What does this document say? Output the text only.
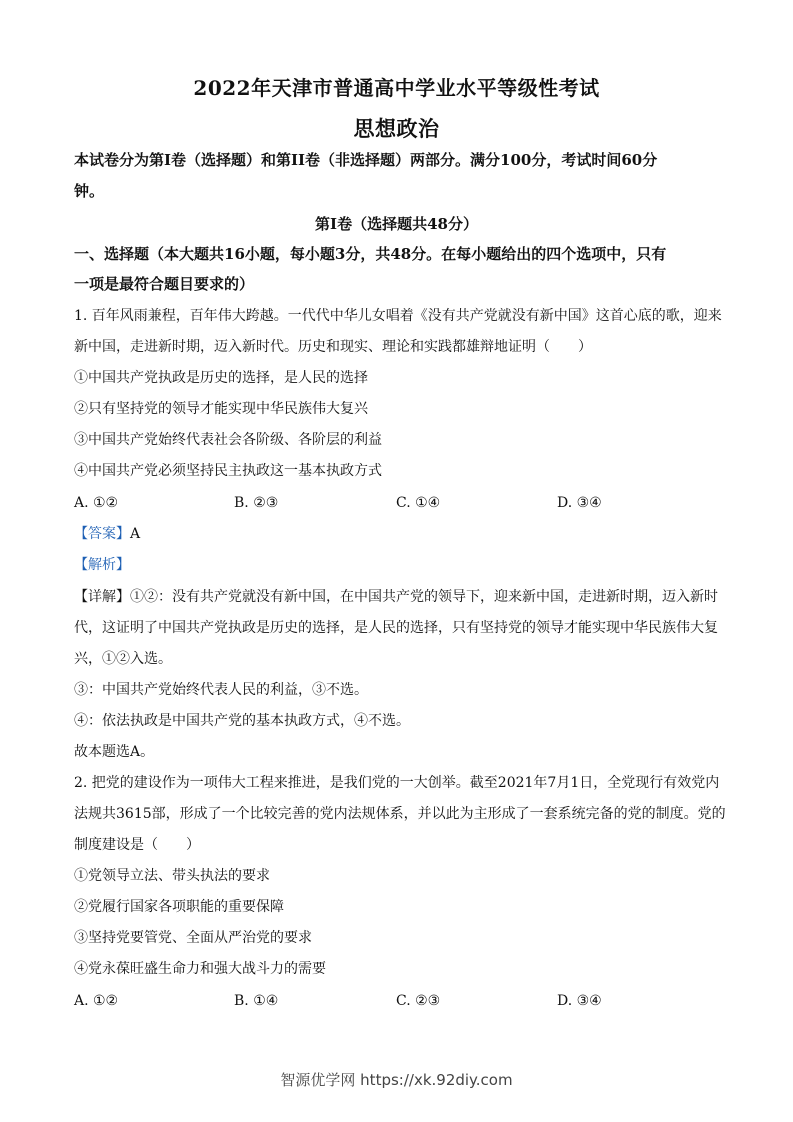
2022年天津市普通高中学业水平等级性考试
思想政治
本试卷分为第I卷（选择题）和第II卷（非选择题）两部分。满分100分，考试时间60分
钟。
第I卷（选择题共48分）
一、选择题（本大题共16小题，每小题3分，共48分。在每小题给出的四个选项中，只有
一项是最符合题目要求的）
1. 百年风雨兼程，百年伟大跨越。一代代中华儿女唱着《没有共产党就没有新中国》这首心底的歌，迎来
新中国，走进新时期，迈入新时代。历史和现实、理论和实践都雄辩地证明（　　）
①中国共产党执政是历史的选择，是人民的选择
②只有坚持党的领导才能实现中华民族伟大复兴
③中国共产党始终代表社会各阶级、各阶层的利益
④中国共产党必须坚持民主执政这一基本执政方式
A. ①②	B. ②③	C. ①④	D. ③④
【答案】A
【解析】
【详解】①②：没有共产党就没有新中国，在中国共产党的领导下，迎来新中国，走进新时期，迈入新时
代，这证明了中国共产党执政是历史的选择，是人民的选择，只有坚持党的领导才能实现中华民族伟大复
兴，①②入选。
③：中国共产党始终代表人民的利益，③不选。
④：依法执政是中国共产党的基本执政方式，④不选。
故本题选A。
2. 把党的建设作为一项伟大工程来推进，是我们党的一大创举。截至2021年7月1日，全党现行有效党内
法规共3615部，形成了一个比较完善的党内法规体系，并以此为主形成了一套系统完备的党的制度。党的
制度建设是（　　）
①党领导立法、带头执法的要求
②党履行国家各项职能的重要保障
③坚持党要管党、全面从严治党的要求
④党永葆旺盛生命力和强大战斗力的需要
A. ①②	B. ①④	C. ②③	D. ③④
智源优学网 https://xk.92diy.com
